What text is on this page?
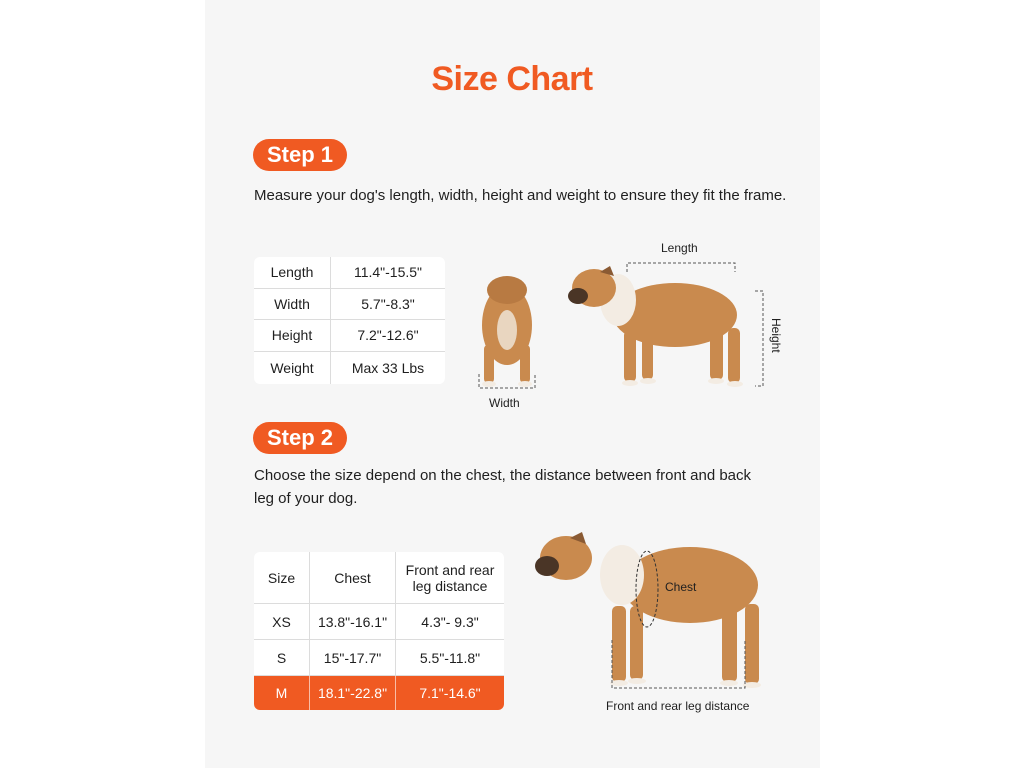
Size Chart
Step 1
Measure your dog's length, width, height and weight to ensure they fit the frame.
Length	11.4"-15.5"
Width	5.7"-8.3"
Height	7.2"-12.6"
Weight	Max 33 Lbs
Length
Height
Width
Step 2
Choose the size depend on the chest, the distance between front and back leg of your dog.
Size	Chest	Front and rear leg distance
XS	13.8"-16.1"	4.3"- 9.3"
S	15"-17.7"	5.5"-11.8"
M	18.1"-22.8"	7.1"-14.6"
Chest
Front and rear leg distance
